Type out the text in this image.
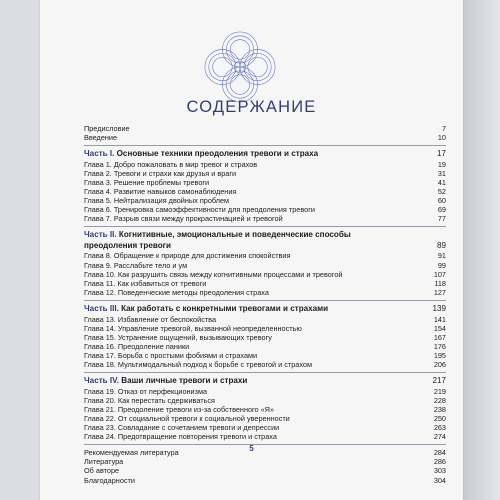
СОДЕРЖАНИЕ
Предисловие	7
Введение	10
Часть I. Основные техники преодоления тревоги и страха	17
Глава 1. Добро пожаловать в мир тревог и страхов	19
Глава 2. Тревоги и страхи как друзья и враги	31
Глава 3. Решение проблемы тревоги	41
Глава 4. Развитие навыков самонаблюдения	52
Глава 5. Нейтрализация двойных проблем	60
Глава 6. Тренировка самоэффективности для преодоления тревоги	69
Глава 7. Разрыв связи между прокрастинацией и тревогой	77
Часть II. Когнитивные, эмоциональные и поведенческие способы преодоления тревоги	89
Глава 8. Обращение к природе для достижения спокойствия	91
Глава 9. Расслабьте тело и ум	99
Глава 10. Как разрушить связь между когнитивными процессами и тревогой	107
Глава 11. Как избавиться от тревоги	118
Глава 12. Поведенческие методы преодоления страха	127
Часть III. Как работать с конкретными тревогами и страхами	139
Глава 13. Избавление от беспокойства	141
Глава 14. Управление тревогой, вызванной неопределенностью	154
Глава 15. Устранение ощущений, вызывающих тревогу	167
Глава 16. Преодоление паники	176
Глава 17. Борьба с простыми фобиями и страхами	195
Глава 18. Мультимодальный подход к борьбе с тревогой и страхом	206
Часть IV. Ваши личные тревоги и страхи	217
Глава 19. Отказ от перфекционизма	219
Глава 20. Как перестать сдерживаться	228
Глава 21. Преодоление тревоги из-за собственного «Я»	238
Глава 22. От социальной тревоги к социальной уверенности	250
Глава 23. Совладание с сочетанием тревоги и депрессии	263
Глава 24. Предотвращение повторения тревоги и страха	274
Рекомендуемая литература	284
Литература	286
Об авторе	303
Благодарности	304
5
